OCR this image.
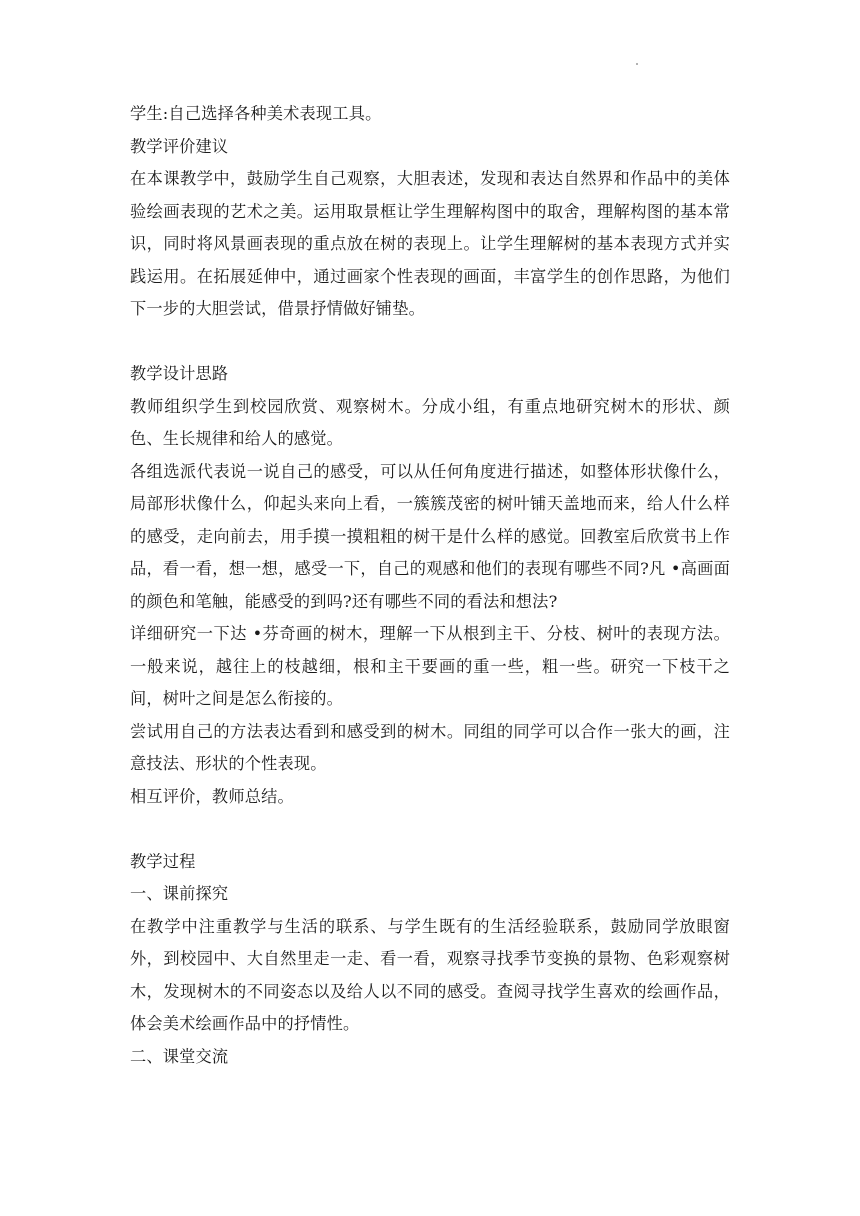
学生:自己选择各种美术表现工具。

教学评价建议

在本课教学中，鼓励学生自己观察，大胆表述，发现和表达自然界和作品中的美体验绘画表现的艺术之美。运用取景框让学生理解构图中的取舍，理解构图的基本常识，同时将风景画表现的重点放在树的表现上。让学生理解树的基本表现方式并实践运用。在拓展延伸中，通过画家个性表现的画面，丰富学生的创作思路，为他们下一步的大胆尝试，借景抒情做好铺垫。

教学设计思路

教师组织学生到校园欣赏、观察树木。分成小组，有重点地研究树木的形状、颜色、生长规律和给人的感觉。

各组选派代表说一说自己的感受，可以从任何角度进行描述，如整体形状像什么，局部形状像什么，仰起头来向上看，一簇簇茂密的树叶铺天盖地而来，给人什么样的感受，走向前去，用手摸一摸粗粗的树干是什么样的感觉。回教室后欣赏书上作品，看一看，想一想，感受一下，自己的观感和他们的表现有哪些不同?凡 •高画面的颜色和笔触，能感受的到吗?还有哪些不同的看法和想法?

详细研究一下达 •芬奇画的树木，理解一下从根到主干、分枝、树叶的表现方法。一般来说，越往上的枝越细，根和主干要画的重一些，粗一些。研究一下枝干之间，树叶之间是怎么衔接的。

尝试用自己的方法表达看到和感受到的树木。同组的同学可以合作一张大的画，注意技法、形状的个性表现。

相互评价，教师总结。

教学过程

一、课前探究

在教学中注重教学与生活的联系、与学生既有的生活经验联系，鼓励同学放眼窗外，到校园中、大自然里走一走、看一看，观察寻找季节变换的景物、色彩观察树木，发现树木的不同姿态以及给人以不同的感受。查阅寻找学生喜欢的绘画作品，体会美术绘画作品中的抒情性。

二、课堂交流
